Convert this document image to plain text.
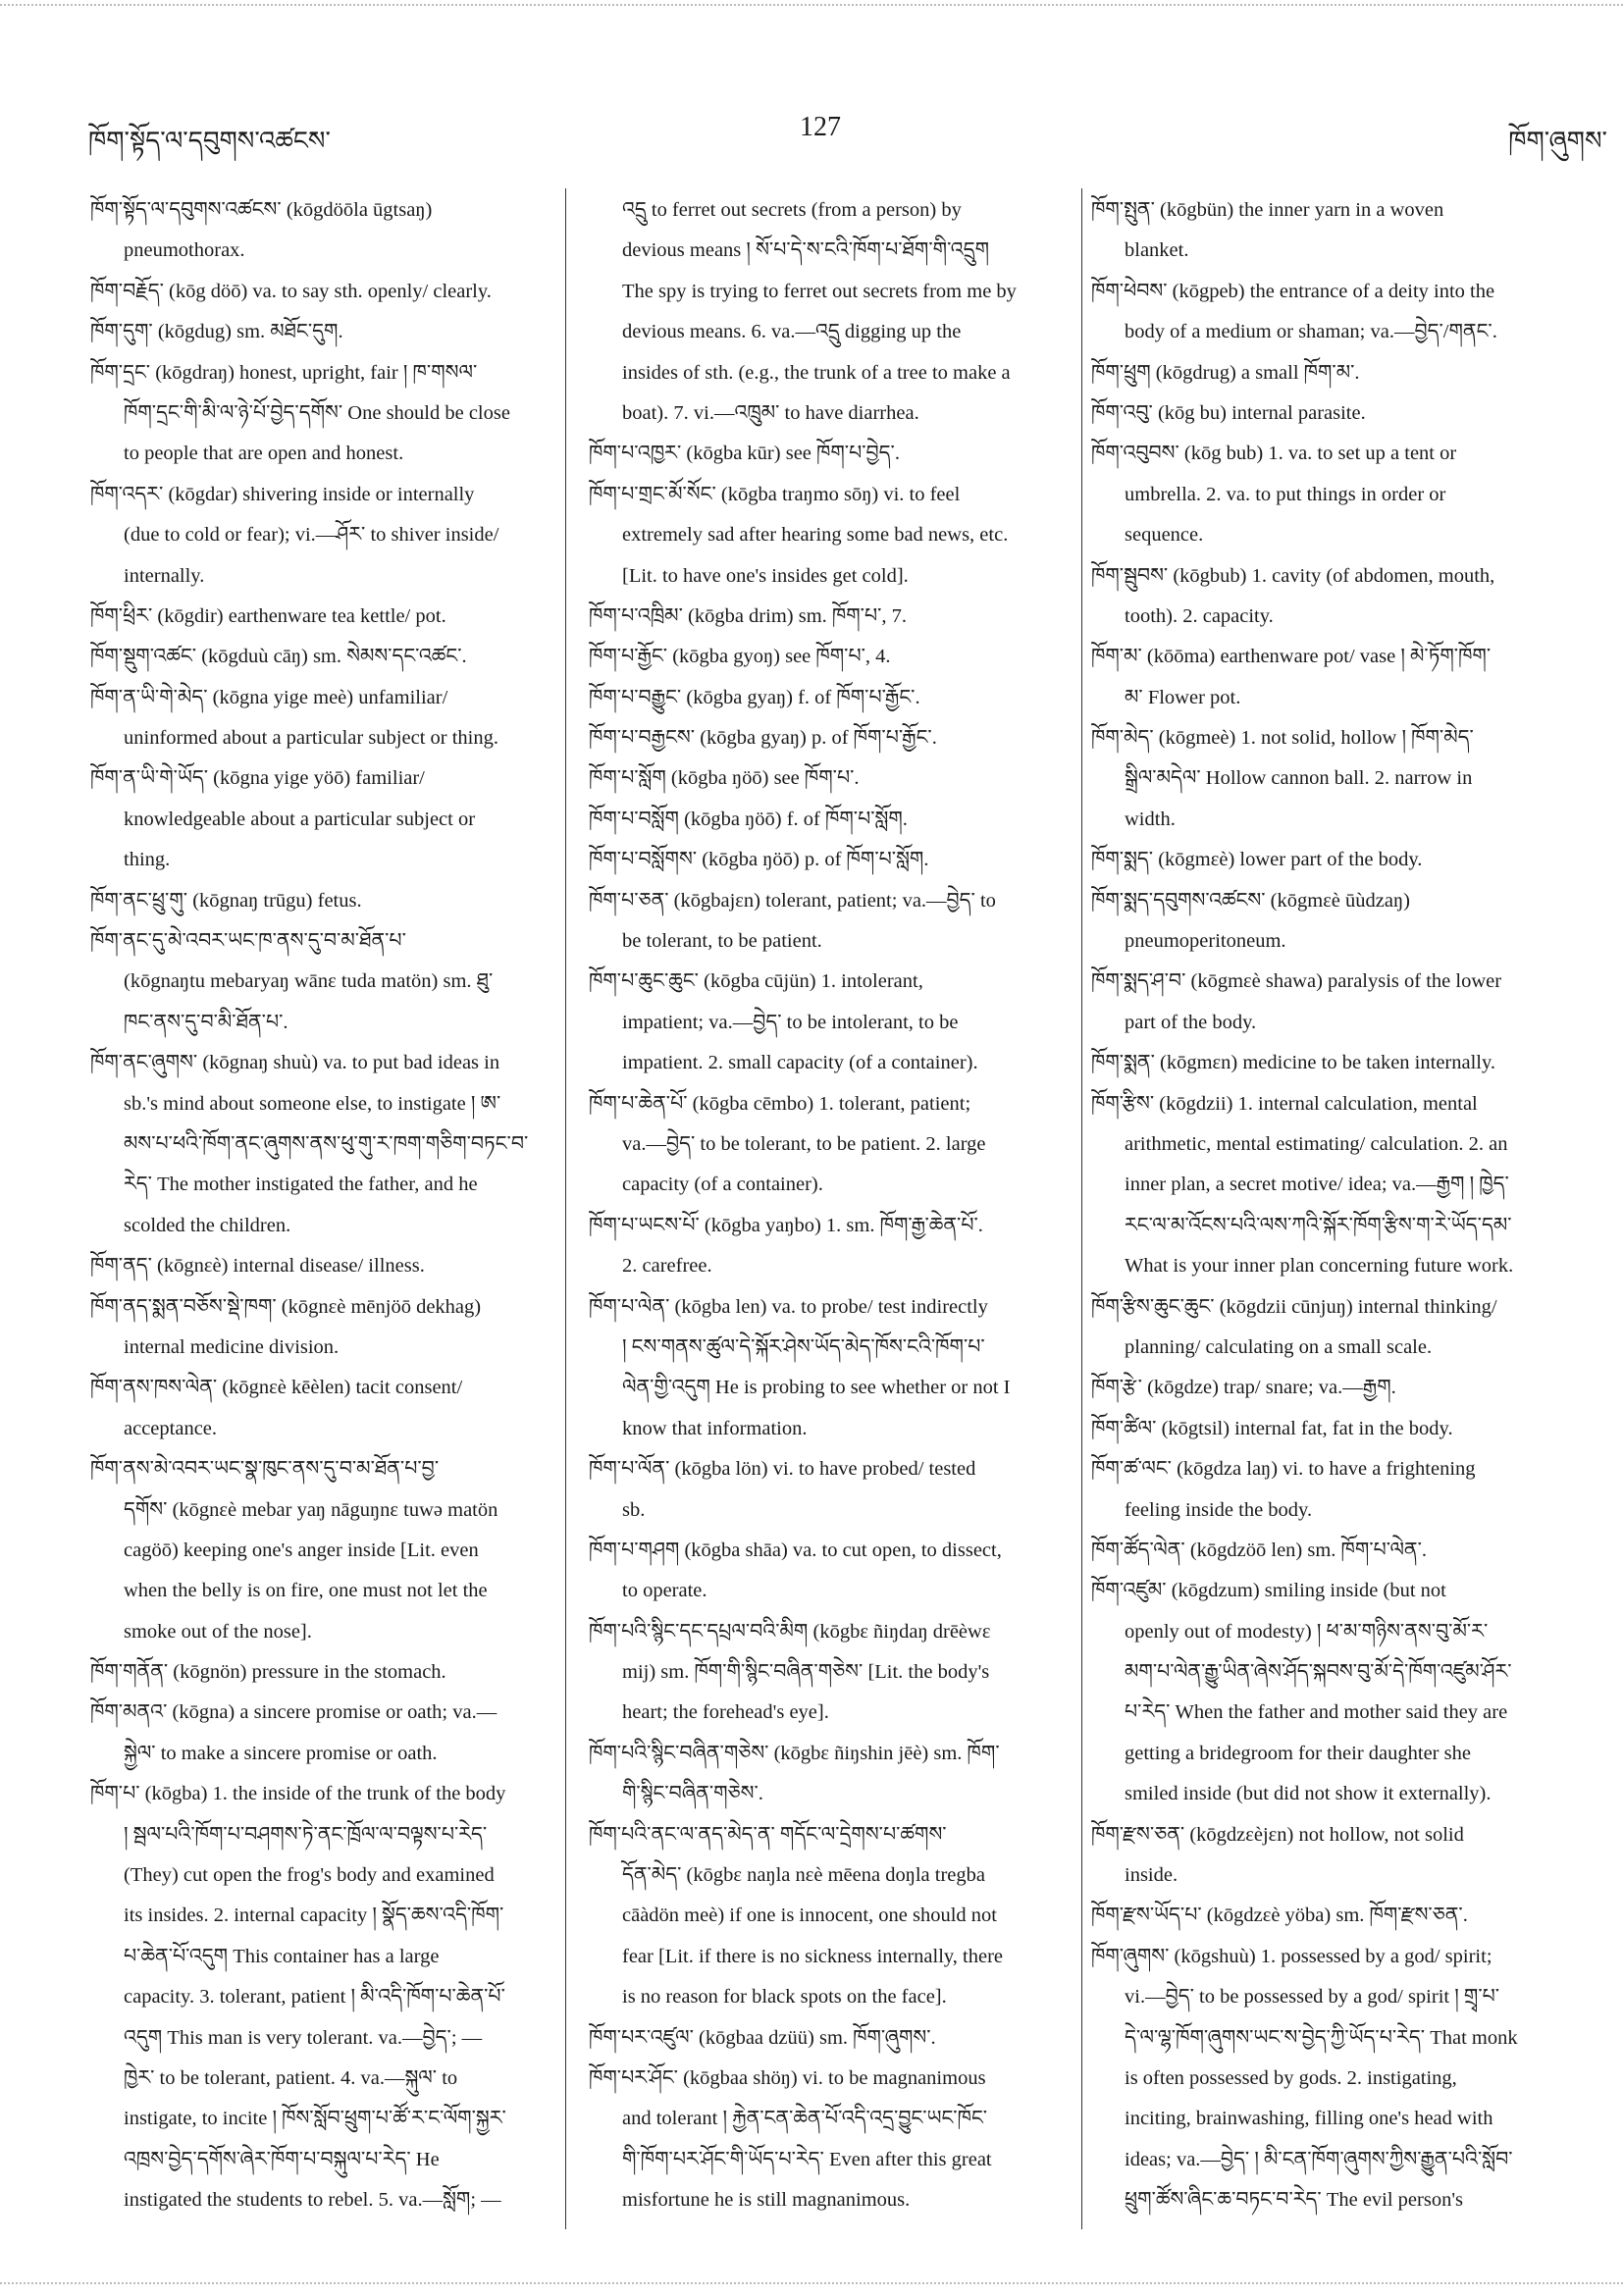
ཁོག་སྟོད་ལ་དབུགས་འཚངས་	127	ཁོག་ཞུགས་
ཁོག་སྟོད་ལ་དབུགས་འཚངས་ (kōgdöōla ūgtsaŋ)
pneumothorax.
ཁོག་བརྗོད་ (kōg döō) va. to say sth. openly/ clearly.
ཁོག་དུག་ (kōgdug) sm. མཐོང་དུག.
ཁོག་དྲང་ (kōgdraŋ) honest, upright, fair ། ཁ་གསལ་
ཁོག་དྲང་གི་མི་ལ་ཉེ་པོ་བྱེད་དགོས་ One should be close
to people that are open and honest.
ཁོག་འདར་ (kōgdar) shivering inside or internally
(due to cold or fear); vi.—ཤོར་ to shiver inside/
internally.
ཁོག་ཕྲིར་ (kōgdir) earthenware tea kettle/ pot.
ཁོག་སྡུག་འཚང་ (kōgduù cāŋ) sm. སེམས་དང་འཚང་.
ཁོག་ན་ཡི་གེ་མེད་ (kōgna yige meè) unfamiliar/
uninformed about a particular subject or thing.
ཁོག་ན་ཡི་གེ་ཡོད་ (kōgna yige yöō) familiar/
knowledgeable about a particular subject or
thing.
ཁོག་ནང་ཕྲུ་གུ་ (kōgnaŋ trūgu) fetus.
ཁོག་ནང་དུ་མེ་འབར་ཡང་ཁ་ནས་དུ་བ་མ་ཐོན་པ་
(kōgnaŋtu mebaryaŋ wānɛ tuda matön) sm. ཐུ་
ཁང་ནས་དུ་བ་མི་ཐོན་པ་.
ཁོག་ནང་ཞུགས་ (kōgnaŋ shuù) va. to put bad ideas in
sb.'s mind about someone else, to instigate ། ཨ་
མས་པ་ཕའི་ཁོག་ནང་ཞུགས་ནས་ཕུ་གུ་ར་ཁག་གཅིག་བཏང་བ་
རེད་ The mother instigated the father, and he
scolded the children.
ཁོག་ནད་ (kōgnɛè) internal disease/ illness.
ཁོག་ནད་སྨན་བཅོས་སྡེ་ཁག་ (kōgnɛè mēnjöō dekhag)
internal medicine division.
ཁོག་ནས་ཁས་ལེན་ (kōgnɛè kēèlen) tacit consent/
acceptance.
ཁོག་ནས་མེ་འབར་ཡང་སྣ་ཁུང་ནས་དུ་བ་མ་ཐོན་པ་བྱ་
དགོས་ (kōgnɛè mebar yaŋ nāguŋnɛ tuwə matön
cagöō) keeping one's anger inside [Lit. even
when the belly is on fire, one must not let the
smoke out of the nose].
ཁོག་གནོན་ (kōgnön) pressure in the stomach.
ཁོག་མནའ་ (kōgna) a sincere promise or oath; va.—
སྐྱེལ་ to make a sincere promise or oath.
ཁོག་པ་ (kōgba) 1. the inside of the trunk of the body
། སྦལ་པའི་ཁོག་པ་བཤགས་ཏེ་ནང་ཁྲོལ་ལ་བལྟས་པ་རེད་
(They) cut open the frog's body and examined
its insides. 2. internal capacity ། སྣོད་ཆས་འདི་ཁོག་
པ་ཆེན་པོ་འདུག This container has a large
capacity. 3. tolerant, patient ། མི་འདི་ཁོག་པ་ཆེན་པོ་
འདུག This man is very tolerant. va.—བྱེད་; —
ཁྱེར་ to be tolerant, patient. 4. va.—སྐུལ་ to
instigate, to incite ། ཁོས་སློབ་ཕྲུག་པ་ཚོ་ར་ང་ལོག་སྐྱར་
འཁྲས་བྱེད་དགོས་ཞེར་ཁོག་པ་བསྐུལ་པ་རེད་ He
instigated the students to rebel. 5. va.—སློག; —
འདྲུ to ferret out secrets (from a person) by
devious means ། སོ་པ་དེ་ས་ངའི་ཁོག་པ་ཐོག་གི་འདྲུག
The spy is trying to ferret out secrets from me by
devious means. 6. va.—འདྲུ digging up the
insides of sth. (e.g., the trunk of a tree to make a
boat). 7. vi.—འཁྲུམ་ to have diarrhea.
ཁོག་པ་འཁྱར་ (kōgba kūr) see ཁོག་པ་བྱེད་.
ཁོག་པ་གྲང་མོ་སོང་ (kōgba traŋmo sōŋ) vi. to feel
extremely sad after hearing some bad news, etc.
[Lit. to have one's insides get cold].
ཁོག་པ་འཁྲིམ་ (kōgba drim) sm. ཁོག་པ་, 7.
ཁོག་པ་རྒྱོང་ (kōgba gyoŋ) see ཁོག་པ་, 4.
ཁོག་པ་བརྒྱུང་ (kōgba gyaŋ) f. of ཁོག་པ་རྒྱོང་.
ཁོག་པ་བརྒྱངས་ (kōgba gyaŋ) p. of ཁོག་པ་རྒྱོང་.
ཁོག་པ་སློག (kōgba ŋöō) see ཁོག་པ་.
ཁོག་པ་བསློག (kōgba ŋöō) f. of ཁོག་པ་སློག.
ཁོག་པ་བསློགས་ (kōgba ŋöō) p. of ཁོག་པ་སློག.
ཁོག་པ་ཅན་ (kōgbajɛn) tolerant, patient; va.—བྱེད་ to
be tolerant, to be patient.
ཁོག་པ་ཆུང་ཆུང་ (kōgba cūjün) 1. intolerant,
impatient; va.—བྱེད་ to be intolerant, to be
impatient. 2. small capacity (of a container).
ཁོག་པ་ཆེན་པོ་ (kōgba cēmbo) 1. tolerant, patient;
va.—བྱེད་ to be tolerant, to be patient. 2. large
capacity (of a container).
ཁོག་པ་ཡངས་པོ་ (kōgba yaŋbo) 1. sm. ཁོག་རྒྱ་ཆེན་པོ་.
2. carefree.
ཁོག་པ་ལེན་ (kōgba len) va. to probe/ test indirectly
། ངས་གནས་ཚུལ་དེ་སྐོར་ཤེས་ཡོད་མེད་ཁོས་ངའི་ཁོག་པ་
ལེན་གྱི་འདུག He is probing to see whether or not I
know that information.
ཁོག་པ་ལོན་ (kōgba lön) vi. to have probed/ tested
sb.
ཁོག་པ་གཤག (kōgba shāa) va. to cut open, to dissect,
to operate.
ཁོག་པའི་སྙིང་དང་དཔྲལ་བའི་མིག (kōgbɛ ñiŋdaŋ drēèwɛ
mij) sm. ཁོག་གི་སྙིང་བཞིན་གཅེས་ [Lit. the body's
heart; the forehead's eye].
ཁོག་པའི་སྙིང་བཞིན་གཅེས་ (kōgbɛ ñiŋshin jēè) sm. ཁོག་
གི་སྙིང་བཞིན་གཅེས་.
ཁོག་པའི་ནང་ལ་ནད་མེད་ན་ གདོང་ལ་དྲེགས་པ་ཚགས་
དོན་མེད་ (kōgbɛ naŋla nɛè mēena doŋla tregba
cāàdön meè) if one is innocent, one should not
fear [Lit. if there is no sickness internally, there
is no reason for black spots on the face].
ཁོག་པར་འཛུལ་ (kōgbaa dzüü) sm. ཁོག་ཞུགས་.
ཁོག་པར་ཤོང་ (kōgbaa shöŋ) vi. to be magnanimous
and tolerant ། རྐྱེན་ངན་ཆེན་པོ་འདི་འདྲ་བྱུང་ཡང་ཁོང་
གི་ཁོག་པར་ཤོང་གི་ཡོད་པ་རེད་ Even after this great
misfortune he is still magnanimous.
ཁོག་སྤུན་ (kōgbün) the inner yarn in a woven
blanket.
ཁོག་ཕེབས་ (kōgpeb) the entrance of a deity into the
body of a medium or shaman; va.—བྱེད་/གནང་.
ཁོག་ཕྲུག (kōgdrug) a small ཁོག་མ་.
ཁོག་འབུ་ (kōg bu) internal parasite.
ཁོག་འབུབས་ (kōg bub) 1. va. to set up a tent or
umbrella. 2. va. to put things in order or
sequence.
ཁོག་སྦུབས་ (kōgbub) 1. cavity (of abdomen, mouth,
tooth). 2. capacity.
ཁོག་མ་ (kōōma) earthenware pot/ vase ། མེ་ཏོག་ཁོག་
མ་ Flower pot.
ཁོག་མེད་ (kōgmeè) 1. not solid, hollow ། ཁོག་མེད་
སྒྲིལ་མདེལ་ Hollow cannon ball. 2. narrow in
width.
ཁོག་སྨད་ (kōgmɛè) lower part of the body.
ཁོག་སྨད་དབུགས་འཚངས་ (kōgmɛè ūùdzaŋ)
pneumoperitoneum.
ཁོག་སྨད་ཤ་བ་ (kōgmɛè shawa) paralysis of the lower
part of the body.
ཁོག་སྨན་ (kōgmɛn) medicine to be taken internally.
ཁོག་རྩིས་ (kōgdzii) 1. internal calculation, mental
arithmetic, mental estimating/ calculation. 2. an
inner plan, a secret motive/ idea; va.—རྒྱག ། ཁྱེད་
རང་ལ་མ་འོངས་པའི་ལས་ཀའི་སྐོར་ཁོག་རྩིས་ག་རེ་ཡོད་དམ་
What is your inner plan concerning future work.
ཁོག་རྩིས་ཆུང་ཆུང་ (kōgdzii cūnjuŋ) internal thinking/
planning/ calculating on a small scale.
ཁོག་རྩེ་ (kōgdze) trap/ snare; va.—རྒྱག.
ཁོག་ཚིལ་ (kōgtsil) internal fat, fat in the body.
ཁོག་ཚ་ལང་ (kōgdza laŋ) vi. to have a frightening
feeling inside the body.
ཁོག་ཚོད་ལེན་ (kōgdzöō len) sm. ཁོག་པ་ལེན་.
ཁོག་འཛུམ་ (kōgdzum) smiling inside (but not
openly out of modesty) ། ཕ་མ་གཉིས་ནས་བུ་མོ་ར་
མག་པ་ལེན་རྒྱུ་ཡིན་ཞེས་ཤོད་སྐབས་བུ་མོ་དེ་ཁོག་འཛུམ་ཤོར་
པ་རེད་ When the father and mother said they are
getting a bridegroom for their daughter she
smiled inside (but did not show it externally).
ཁོག་རྫས་ཅན་ (kōgdzɛèjɛn) not hollow, not solid
inside.
ཁོག་རྫས་ཡོད་པ་ (kōgdzɛè yöba) sm. ཁོག་རྫས་ཅན་.
ཁོག་ཞུགས་ (kōgshuù) 1. possessed by a god/ spirit;
vi.—བྱེད་ to be possessed by a god/ spirit ། གྲྭ་པ་
དེ་ལ་ལྷ་ཁོག་ཞུགས་ཡང་ས་བྱེད་ཀྱི་ཡོད་པ་རེད་ That monk
is often possessed by gods. 2. instigating,
inciting, brainwashing, filling one's head with
ideas; va.—བྱེད་ ། མི་ངན་ཁོག་ཞུགས་ཀྱིས་རྒྱུན་པའི་སློབ་
ཕྲུག་ཚོས་ཞིང་ཆ་བཏང་བ་རེད་ The evil person's
